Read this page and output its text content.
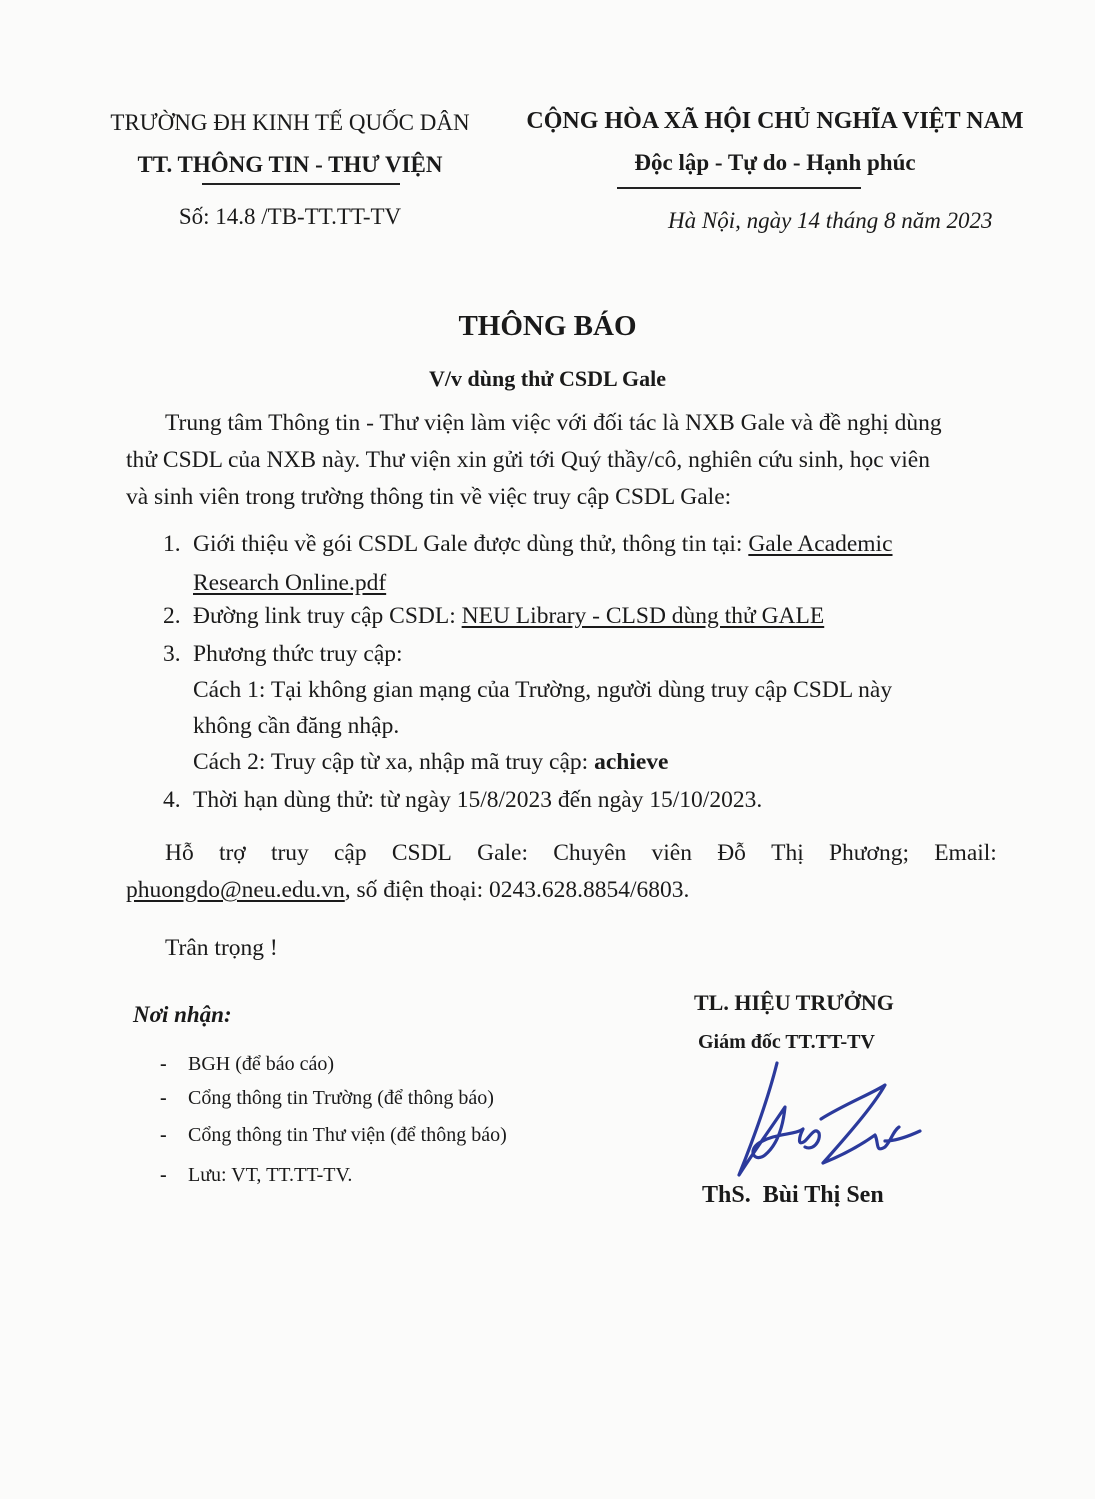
TRƯỜNG ĐH KINH TẾ QUỐC DÂN
TT. THÔNG TIN - THƯ VIỆN
Số: 14.8 /TB-TT.TT-TV
CỘNG HÒA XÃ HỘI CHỦ NGHĨA VIỆT NAM
Độc lập - Tự do - Hạnh phúc
Hà Nội, ngày 14 tháng 8 năm 2023
THÔNG BÁO
V/v dùng thử CSDL Gale
Trung tâm Thông tin - Thư viện làm việc với đối tác là NXB Gale và đề nghị dùng
thử CSDL của NXB này. Thư viện xin gửi tới Quý thầy/cô, nghiên cứu sinh, học viên
và sinh viên trong trường thông tin về việc truy cập CSDL Gale:
1. Giới thiệu về gói CSDL Gale được dùng thử, thông tin tại: Gale Academic
Research Online.pdf
2. Đường link truy cập CSDL: NEU Library - CLSD dùng thử GALE
3. Phương thức truy cập:
Cách 1: Tại không gian mạng của Trường, người dùng truy cập CSDL này
không cần đăng nhập.
Cách 2: Truy cập từ xa, nhập mã truy cập: achieve
4. Thời hạn dùng thử: từ ngày 15/8/2023 đến ngày 15/10/2023.
Hỗ trợ truy cập CSDL Gale: Chuyên viên Đỗ Thị Phương; Email:
phuongdo@neu.edu.vn, số điện thoại: 0243.628.8854/6803.
Trân trọng !
Nơi nhận:
- BGH (để báo cáo)
- Cổng thông tin Trường (để thông báo)
- Cổng thông tin Thư viện (để thông báo)
- Lưu: VT, TT.TT-TV.
TL. HIỆU TRƯỞNG
Giám đốc TT.TT-TV
ThS.  Bùi Thị Sen
